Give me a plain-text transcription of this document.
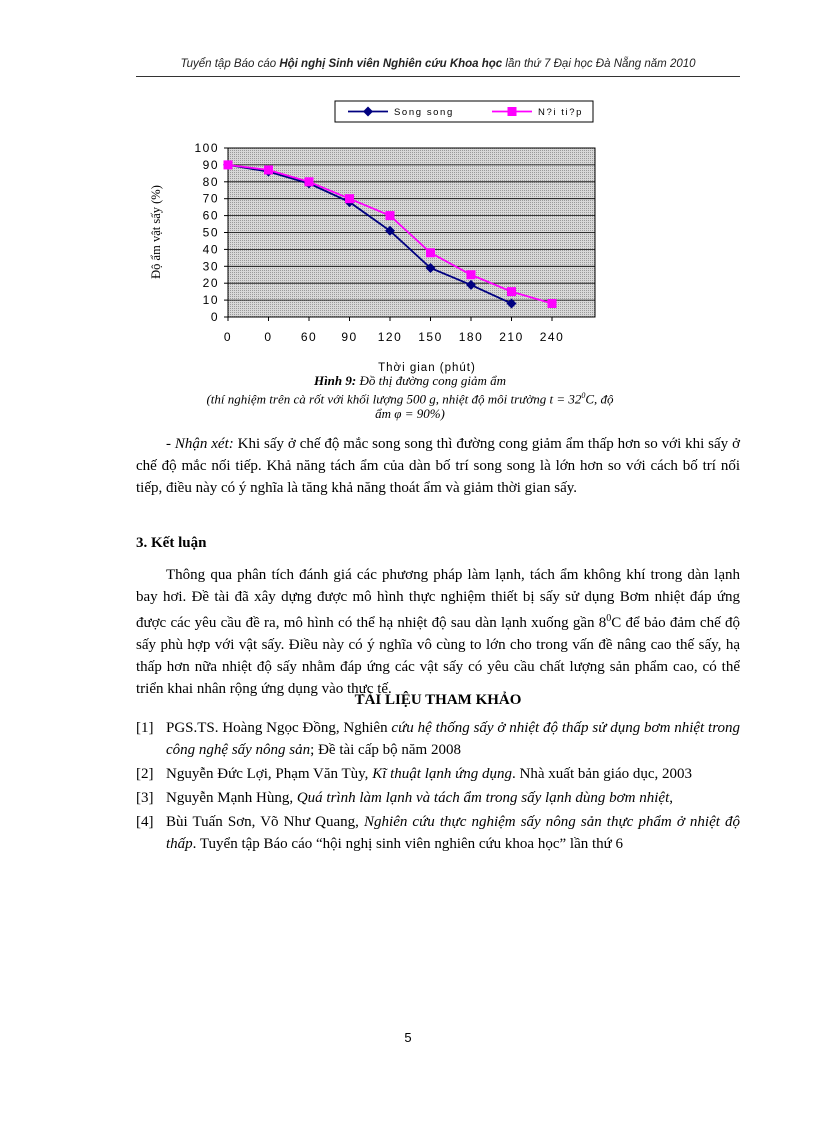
Tuyển tập Báo cáo Hội nghị Sinh viên Nghiên cứu Khoa học lần thứ 7 Đại học Đà Nẵng năm 2010
Song song	N?i ti?p
0
10
20
30
40
50
60
70
80
90
100
0	0 60 90 120 150 180 210 240
Độ ẩm vật sấy (%)
Thời gian (phút)
Hình 9: Đồ thị đường cong giảm ẩm
(thí nghiệm trên cà rốt với khối lượng 500 g, nhiệt độ môi trường $t = 32^0C$, độ
ẩm φ = 90%)

- Nhận xét: Khi sấy ở chế độ mắc song song thì đường cong giảm ẩm thấp hơn so với khi sấy ở chế độ mắc nối tiếp. Khả năng tách ẩm của dàn bố trí song song là lớn hơn so với cách bố trí nối tiếp, điều này có ý nghĩa là tăng khả năng thoát ẩm và giảm thời gian sấy.

3. Kết luận

Thông qua phân tích đánh giá các phương pháp làm lạnh, tách ẩm không khí trong dàn lạnh bay hơi. Đề tài đã xây dựng được mô hình thực nghiệm thiết bị sấy sử dụng Bơm nhiệt đáp ứng được các yêu cầu đề ra, mô hình có thể hạ nhiệt độ sau dàn lạnh xuống gần $8^0C$ để bảo đảm chế độ sấy phù hợp với vật sấy. Điều này có ý nghĩa vô cùng to lớn cho trong vấn đề nâng cao thế sấy, hạ thấp hơn nữa nhiệt độ sấy nhằm đáp ứng các vật sấy có yêu cầu chất lượng sản phẩm cao, có thể triển khai nhân rộng ứng dụng vào thực tế.

TÀI LIỆU THAM KHẢO
[1] PGS.TS. Hoàng Ngọc Đồng, Nghiên cứu hệ thống sấy ở nhiệt độ thấp sử dụng bơm nhiệt trong công nghệ sấy nông sản; Đề tài cấp bộ năm 2008
[2] Nguyễn Đức Lợi, Phạm Văn Tùy, Kĩ thuật lạnh ứng dụng. Nhà xuất bản giáo dục, 2003
[3] Nguyễn Mạnh Hùng, Quá trình làm lạnh và tách ẩm trong sấy lạnh dùng bơm nhiệt,
[4] Bùi Tuấn Sơn, Võ Như Quang, Nghiên cứu thực nghiệm sấy nông sản thực phẩm ở nhiệt độ thấp. Tuyển tập Báo cáo “hội nghị sinh viên nghiên cứu khoa học” lần thứ 6
5
